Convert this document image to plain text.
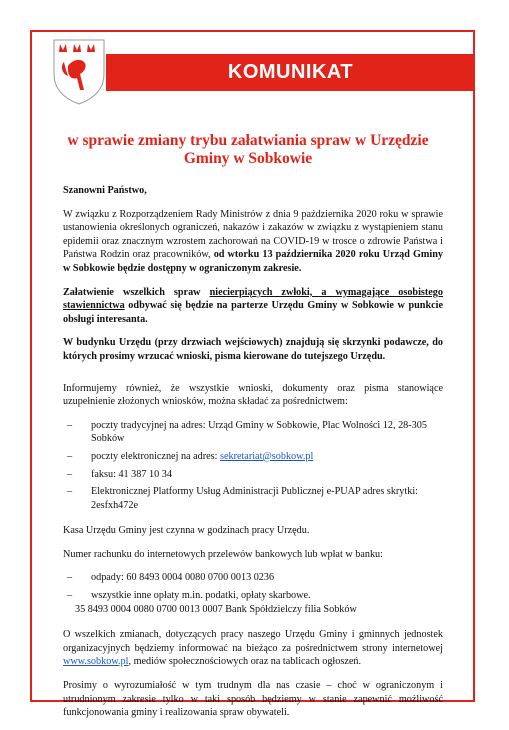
KOMUNIKAT
w sprawie zmiany trybu załatwiania spraw w Urzędzie
Gminy w Sobkowie

Szanowni Państwo,

W związku z Rozporządzeniem Rady Ministrów z dnia 9 października 2020 roku w sprawie ustanowienia określonych ograniczeń, nakazów i zakazów w związku z wystąpieniem stanu epidemii oraz znacznym wzrostem zachorowań na COVID-19 w trosce o zdrowie Państwa i Państwa Rodzin oraz pracowników, od wtorku 13 października 2020 roku Urząd Gminy w Sobkowie będzie dostępny w ograniczonym zakresie.

Załatwienie wszelkich spraw niecierpiących zwłoki, a wymagające osobistego stawiennictwa odbywać się będzie na parterze Urzędu Gminy w Sobkowie w punkcie obsługi interesanta.

W budynku Urzędu (przy drzwiach wejściowych) znajdują się skrzynki podawcze, do których prosimy wrzucać wnioski, pisma kierowane do tutejszego Urzędu.

Informujemy również, że wszystkie wnioski, dokumenty oraz pisma stanowiące uzupełnienie złożonych wniosków, można składać za pośrednictwem:

– poczty tradycyjnej na adres: Urząd Gminy w Sobkowie, Plac Wolności 12, 28-305 Sobków
– poczty elektronicznej na adres: sekretariat@sobkow.pl
– faksu: 41 387 10 34
– Elektronicznej Platformy Usług Administracji Publicznej e-PUAP adres skrytki: 2esfxh472e

Kasa Urzędu Gminy jest czynna w godzinach pracy Urzędu.

Numer rachunku do internetowych przelewów bankowych lub wpłat w banku:

– odpady: 60 8493 0004 0080 0700 0013 0236
– wszystkie inne opłaty m.in. podatki, opłaty skarbowe.
35 8493 0004 0080 0700 0013 0007 Bank Spółdzielczy filia Sobków

O wszelkich zmianach, dotyczących pracy naszego Urzędu Gminy i gminnych jednostek organizacyjnych będziemy informować na bieżąco za pośrednictwem strony internetowej www.sobkow.pl, mediów społecznościowych oraz na tablicach ogłoszeń.

Prosimy o wyrozumiałość w tym trudnym dla nas czasie – choć w ograniczonym i utrudnionym zakresie tylko w taki sposób będziemy w stanie zapewnić możliwość funkcjonowania gminy i realizowania spraw obywateli.
